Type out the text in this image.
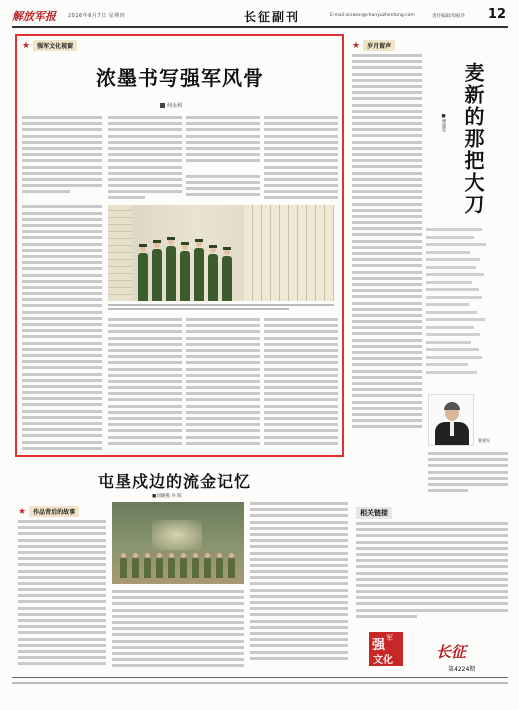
解放军报 2016年6月7日 星期四	长征副刊	E-mail:xinwen@chanyuzhentong.com	责任编辑/周振华 12
★	强军文化视窗
浓墨书写强军风骨
何永利
★	岁月留声
麦新的那把大刀
■曹建军
曹建军
屯垦戍边的流金记忆
■刘晓燕 丹 阳
★	作品背后的故事	相关链接
强 军
文化	长征
第4224期
